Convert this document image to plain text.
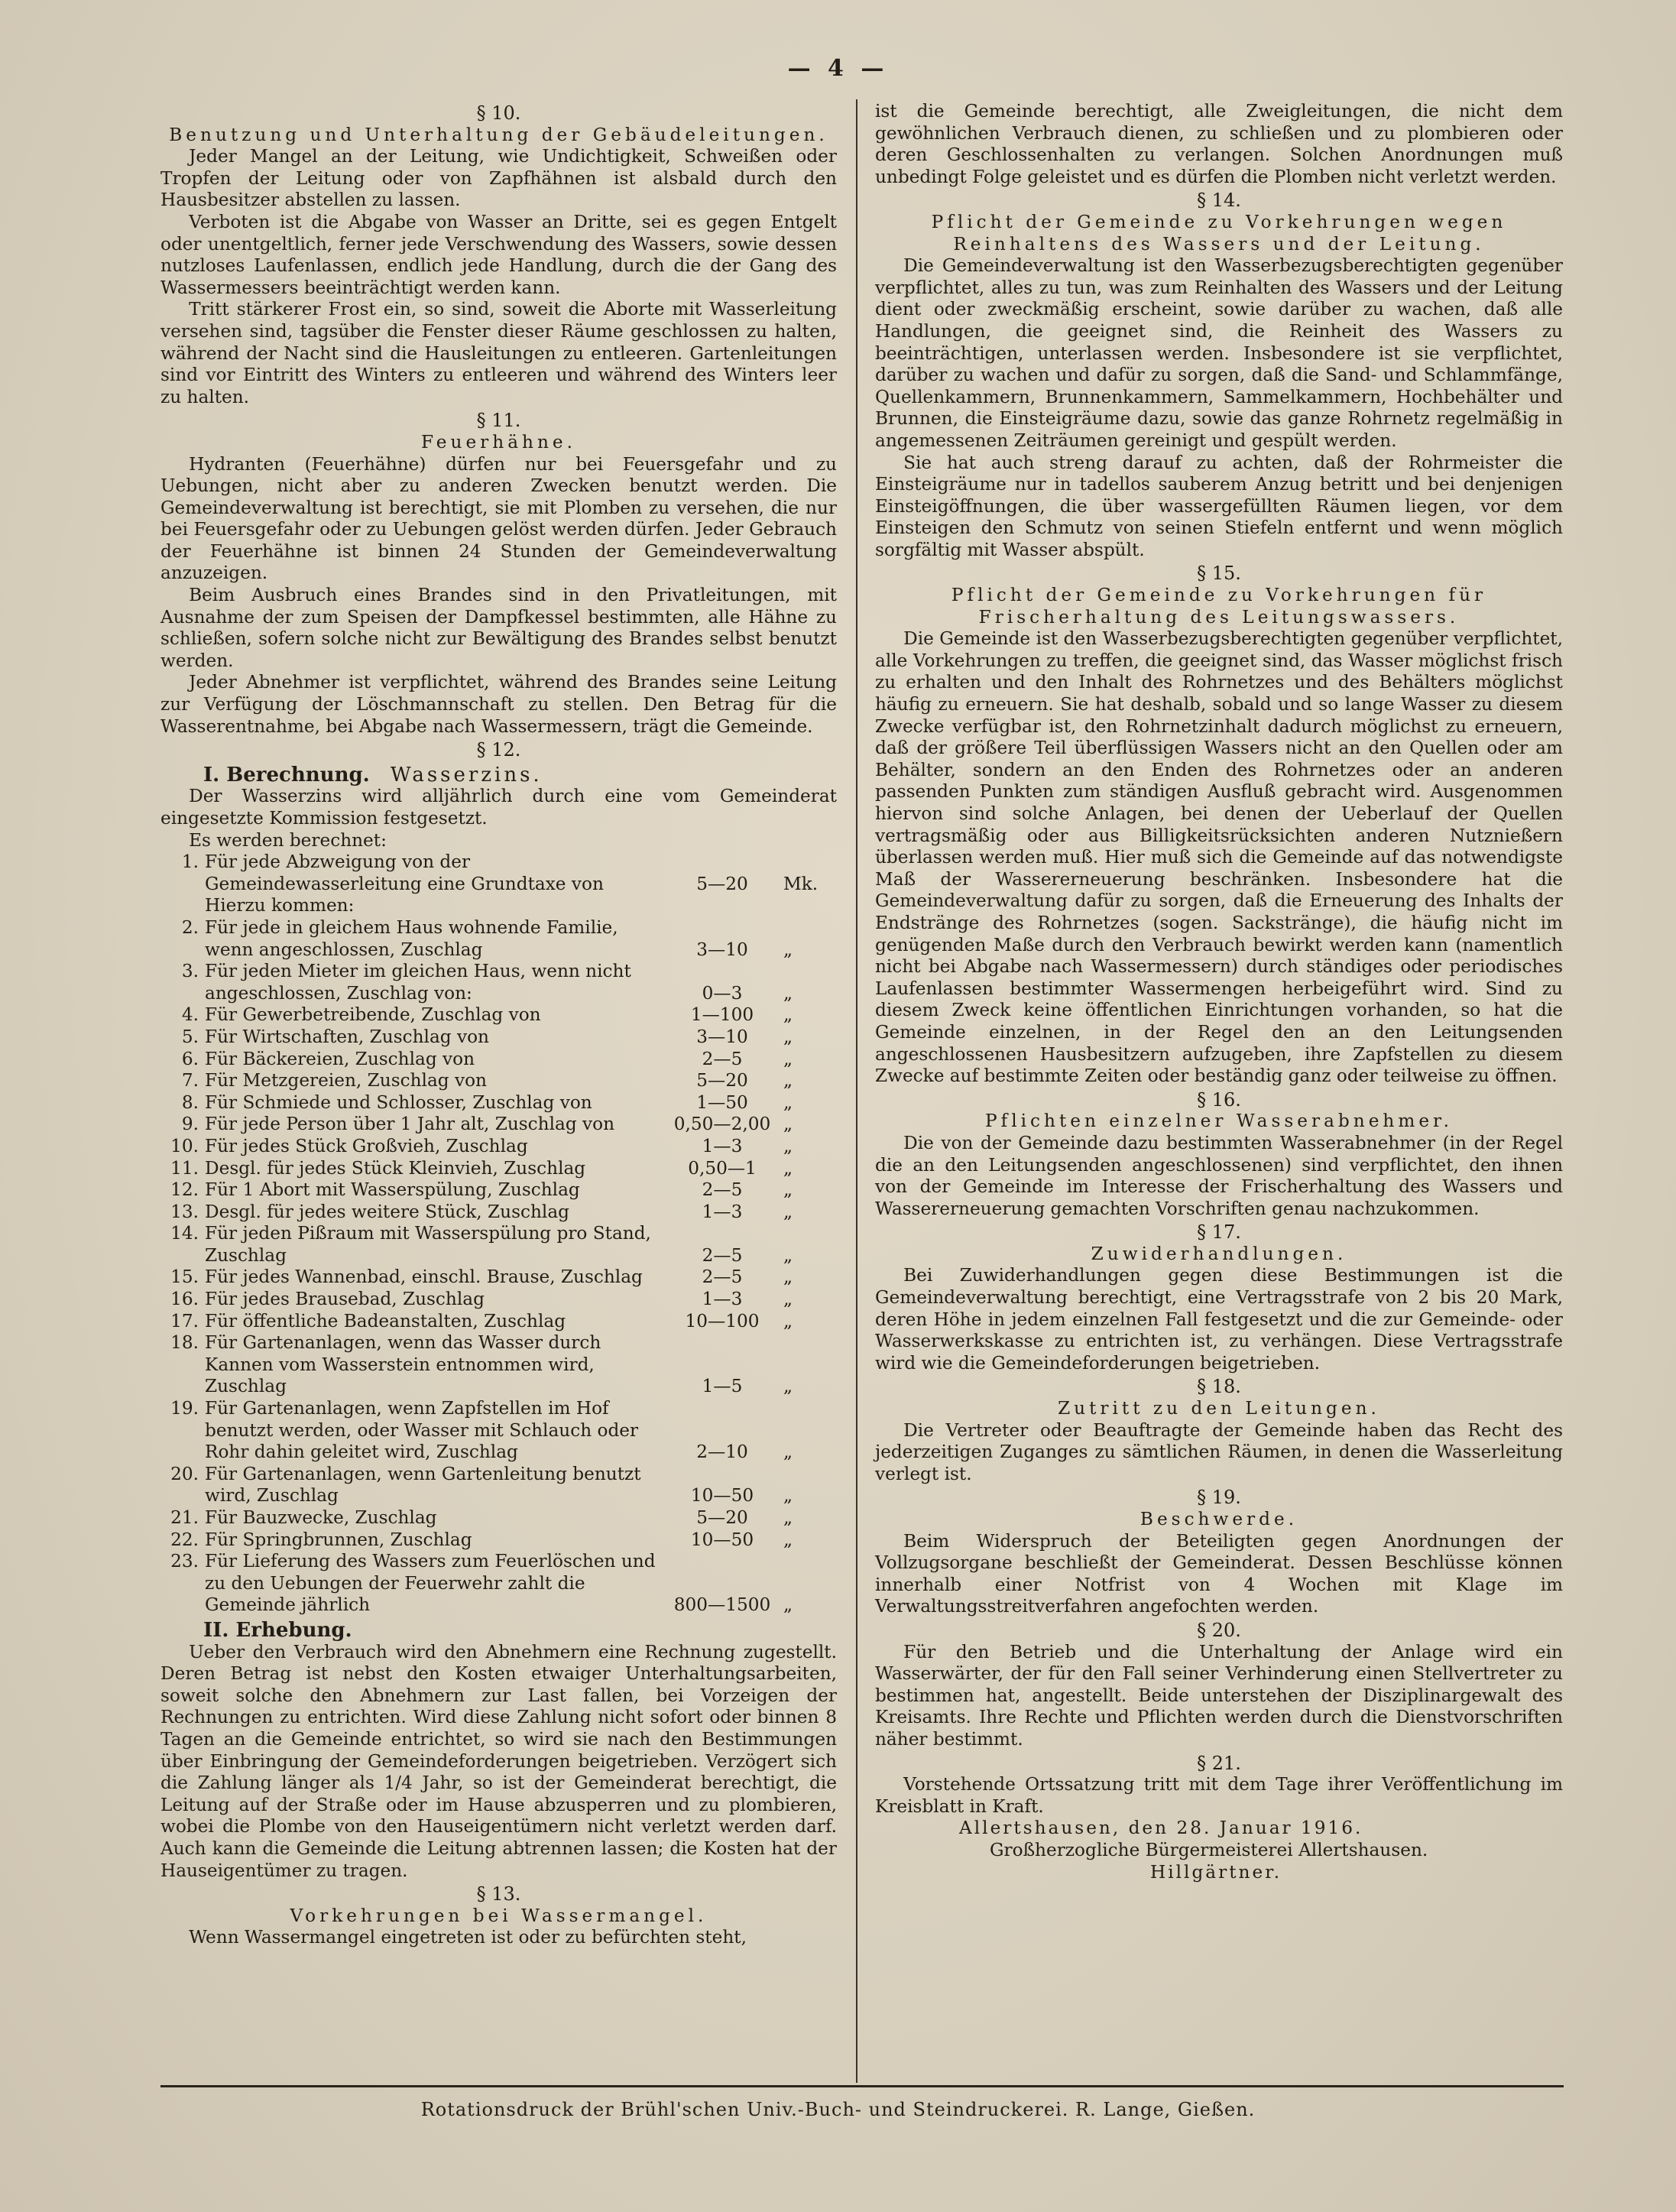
— 4 —
§ 10.
Benutzung und Unterhaltung der Gebäudeleitungen.

Jeder Mangel an der Leitung, wie Undichtigkeit, Schweißen oder Tropfen der Leitung oder von Zapfhähnen ist alsbald durch den Hausbesitzer abstellen zu lassen.

Verboten ist die Abgabe von Wasser an Dritte, sei es gegen Entgelt oder unentgeltlich, ferner jede Verschwendung des Wassers, sowie dessen nutzloses Laufenlassen, endlich jede Handlung, durch die der Gang des Wassermessers beeinträchtigt werden kann.

Tritt stärkerer Frost ein, so sind, soweit die Aborte mit Wasserleitung versehen sind, tagsüber die Fenster dieser Räume geschlossen zu halten, während der Nacht sind die Hausleitungen zu entleeren. Gartenleitungen sind vor Eintritt des Winters zu entleeren und während des Winters leer zu halten.

§ 11.
Feuerhähne.

Hydranten (Feuerhähne) dürfen nur bei Feuersgefahr und zu Uebungen, nicht aber zu anderen Zwecken benutzt werden. Die Gemeindeverwaltung ist berechtigt, sie mit Plomben zu versehen, die nur bei Feuersgefahr oder zu Uebungen gelöst werden dürfen. Jeder Gebrauch der Feuerhähne ist binnen 24 Stunden der Gemeindeverwaltung anzuzeigen.

Beim Ausbruch eines Brandes sind in den Privatleitungen, mit Ausnahme der zum Speisen der Dampfkessel bestimmten, alle Hähne zu schließen, sofern solche nicht zur Bewältigung des Brandes selbst benutzt werden.

Jeder Abnehmer ist verpflichtet, während des Brandes seine Leitung zur Verfügung der Löschmannschaft zu stellen. Den Betrag für die Wasserentnahme, bei Abgabe nach Wassermessern, trägt die Gemeinde.

§ 12.
I. Berechnung. Wasserzins.

Der Wasserzins wird alljährlich durch eine vom Gemeinderat eingesetzte Kommission festgesetzt.

Es werden berechnet:

1.	Für jede Abzweigung von der Gemeindewasserleitung eine Grundtaxe von	5—20	Mk.
	Hierzu kommen:		
2.	Für jede in gleichem Haus wohnende Familie, wenn angeschlossen, Zuschlag	3—10	„
3.	Für jeden Mieter im gleichen Haus, wenn nicht angeschlossen, Zuschlag von:	0—3	„
4.	Für Gewerbetreibende, Zuschlag von	1—100	„
5.	Für Wirtschaften, Zuschlag von	3—10	„
6.	Für Bäckereien, Zuschlag von	2—5	„
7.	Für Metzgereien, Zuschlag von	5—20	„
8.	Für Schmiede und Schlosser, Zuschlag von	1—50	„
9.	Für jede Person über 1 Jahr alt, Zuschlag von	0,50—2,00	„
10.	Für jedes Stück Großvieh, Zuschlag	1—3	„
11.	Desgl. für jedes Stück Kleinvieh, Zuschlag	0,50—1	„
12.	Für 1 Abort mit Wasserspülung, Zuschlag	2—5	„
13.	Desgl. für jedes weitere Stück, Zuschlag	1—3	„
14.	Für jeden Pißraum mit Wasserspülung pro Stand, Zuschlag	2—5	„
15.	Für jedes Wannenbad, einschl. Brause, Zuschlag	2—5	„
16.	Für jedes Brausebad, Zuschlag	1—3	„
17.	Für öffentliche Badeanstalten, Zuschlag	10—100	„
18.	Für Gartenanlagen, wenn das Wasser durch Kannen vom Wasserstein entnommen wird, Zuschlag	1—5	„
19.	Für Gartenanlagen, wenn Zapfstellen im Hof benutzt werden, oder Wasser mit Schlauch oder Rohr dahin geleitet wird, Zuschlag	2—10	„
20.	Für Gartenanlagen, wenn Gartenleitung benutzt wird, Zuschlag	10—50	„
21.	Für Bauzwecke, Zuschlag	5—20	„
22.	Für Springbrunnen, Zuschlag	10—50	„
23.	Für Lieferung des Wassers zum Feuerlöschen und zu den Uebungen der Feuerwehr zahlt die Gemeinde jährlich	800—1500	„
II. Erhebung.

Ueber den Verbrauch wird den Abnehmern eine Rechnung zugestellt. Deren Betrag ist nebst den Kosten etwaiger Unterhaltungsarbeiten, soweit solche den Abnehmern zur Last fallen, bei Vorzeigen der Rechnungen zu entrichten. Wird diese Zahlung nicht sofort oder binnen 8 Tagen an die Gemeinde entrichtet, so wird sie nach den Bestimmungen über Einbringung der Gemeindeforderungen beigetrieben. Verzögert sich die Zahlung länger als 1/4 Jahr, so ist der Gemeinderat berechtigt, die Leitung auf der Straße oder im Hause abzusperren und zu plombieren, wobei die Plombe von den Hauseigentümern nicht verletzt werden darf. Auch kann die Gemeinde die Leitung abtrennen lassen; die Kosten hat der Hauseigentümer zu tragen.

§ 13.
Vorkehrungen bei Wassermangel.

Wenn Wassermangel eingetreten ist oder zu befürchten steht,

ist die Gemeinde berechtigt, alle Zweigleitungen, die nicht dem gewöhnlichen Verbrauch dienen, zu schließen und zu plombieren oder deren Geschlossenhalten zu verlangen. Solchen Anordnungen muß unbedingt Folge geleistet und es dürfen die Plomben nicht verletzt werden.

§ 14.
Pflicht der Gemeinde zu Vorkehrungen wegen Reinhaltens des Wassers und der Leitung.

Die Gemeindeverwaltung ist den Wasserbezugsberechtigten gegenüber verpflichtet, alles zu tun, was zum Reinhalten des Wassers und der Leitung dient oder zweckmäßig erscheint, sowie darüber zu wachen, daß alle Handlungen, die geeignet sind, die Reinheit des Wassers zu beeinträchtigen, unterlassen werden. Insbesondere ist sie verpflichtet, darüber zu wachen und dafür zu sorgen, daß die Sand- und Schlammfänge, Quellenkammern, Brunnenkammern, Sammelkammern, Hochbehälter und Brunnen, die Einsteigräume dazu, sowie das ganze Rohrnetz regelmäßig in angemessenen Zeiträumen gereinigt und gespült werden.

Sie hat auch streng darauf zu achten, daß der Rohrmeister die Einsteigräume nur in tadellos sauberem Anzug betritt und bei denjenigen Einsteigöffnungen, die über wassergefüllten Räumen liegen, vor dem Einsteigen den Schmutz von seinen Stiefeln entfernt und wenn möglich sorgfältig mit Wasser abspült.

§ 15.
Pflicht der Gemeinde zu Vorkehrungen für Frischerhaltung des Leitungswassers.

Die Gemeinde ist den Wasserbezugsberechtigten gegenüber verpflichtet, alle Vorkehrungen zu treffen, die geeignet sind, das Wasser möglichst frisch zu erhalten und den Inhalt des Rohrnetzes und des Behälters möglichst häufig zu erneuern. Sie hat deshalb, sobald und so lange Wasser zu diesem Zwecke verfügbar ist, den Rohrnetzinhalt dadurch möglichst zu erneuern, daß der größere Teil überflüssigen Wassers nicht an den Quellen oder am Behälter, sondern an den Enden des Rohrnetzes oder an anderen passenden Punkten zum ständigen Ausfluß gebracht wird. Ausgenommen hiervon sind solche Anlagen, bei denen der Ueberlauf der Quellen vertragsmäßig oder aus Billigkeitsrücksichten anderen Nutznießern überlassen werden muß. Hier muß sich die Gemeinde auf das notwendigste Maß der Wassererneuerung beschränken. Insbesondere hat die Gemeindeverwaltung dafür zu sorgen, daß die Erneuerung des Inhalts der Endstränge des Rohrnetzes (sogen. Sackstränge), die häufig nicht im genügenden Maße durch den Verbrauch bewirkt werden kann (namentlich nicht bei Abgabe nach Wassermessern) durch ständiges oder periodisches Laufenlassen bestimmter Wassermengen herbeigeführt wird. Sind zu diesem Zweck keine öffentlichen Einrichtungen vorhanden, so hat die Gemeinde einzelnen, in der Regel den an den Leitungsenden angeschlossenen Hausbesitzern aufzugeben, ihre Zapfstellen zu diesem Zwecke auf bestimmte Zeiten oder beständig ganz oder teilweise zu öffnen.

§ 16.
Pflichten einzelner Wasserabnehmer.

Die von der Gemeinde dazu bestimmten Wasserabnehmer (in der Regel die an den Leitungsenden angeschlossenen) sind verpflichtet, den ihnen von der Gemeinde im Interesse der Frischerhaltung des Wassers und Wassererneuerung gemachten Vorschriften genau nachzukommen.

§ 17.
Zuwiderhandlungen.

Bei Zuwiderhandlungen gegen diese Bestimmungen ist die Gemeindeverwaltung berechtigt, eine Vertragsstrafe von 2 bis 20 Mark, deren Höhe in jedem einzelnen Fall festgesetzt und die zur Gemeinde- oder Wasserwerkskasse zu entrichten ist, zu verhängen. Diese Vertragsstrafe wird wie die Gemeindeforderungen beigetrieben.

§ 18.
Zutritt zu den Leitungen.

Die Vertreter oder Beauftragte der Gemeinde haben das Recht des jederzeitigen Zuganges zu sämtlichen Räumen, in denen die Wasserleitung verlegt ist.

§ 19.
Beschwerde.

Beim Widerspruch der Beteiligten gegen Anordnungen der Vollzugsorgane beschließt der Gemeinderat. Dessen Beschlüsse können innerhalb einer Notfrist von 4 Wochen mit Klage im Verwaltungsstreitverfahren angefochten werden.

§ 20.

Für den Betrieb und die Unterhaltung der Anlage wird ein Wasserwärter, der für den Fall seiner Verhinderung einen Stellvertreter zu bestimmen hat, angestellt. Beide unterstehen der Disziplinargewalt des Kreisamts. Ihre Rechte und Pflichten werden durch die Dienstvorschriften näher bestimmt.

§ 21.

Vorstehende Ortssatzung tritt mit dem Tage ihrer Veröffentlichung im Kreisblatt in Kraft.

Allertshausen, den 28. Januar 1916.
Großherzogliche Bürgermeisterei Allertshausen.
Hillgärtner.
Rotationsdruck der Brühl'schen Univ.-Buch- und Steindruckerei. R. Lange, Gießen.
